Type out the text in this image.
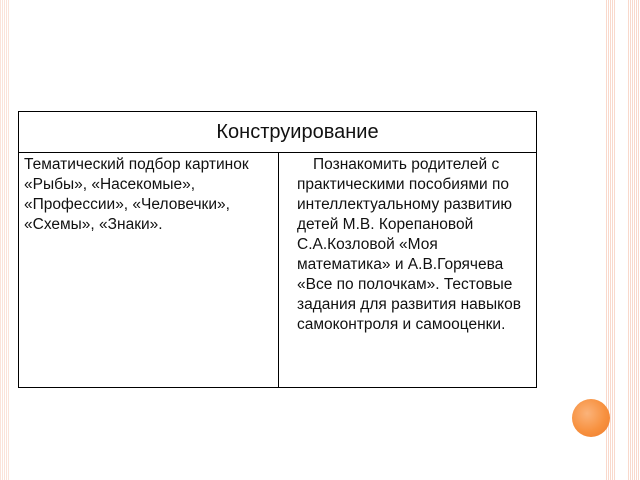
Конструирование
Тематический подбор картинок «Рыбы», «Насекомые», «Профессии», «Человечки», «Схемы», «Знаки».	Познакомить родителей с практическими пособиями по интеллектуальному развитию детей М.В. Корепановой С.А.Козловой «Моя математика» и А.В.Горячева «Все по полочкам». Тестовые задания для развития навыков самоконтроля и самооценки.
